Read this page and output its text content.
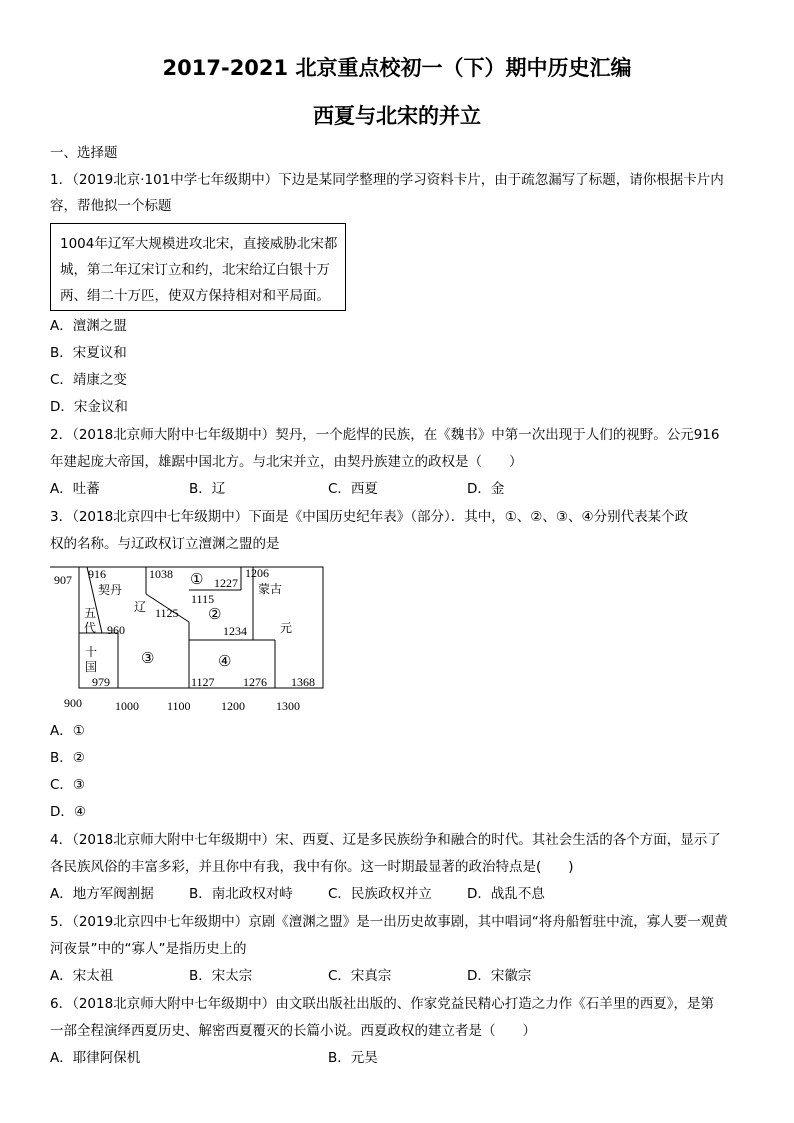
2017-2021 北京重点校初一（下）期中历史汇编
西夏与北宋的并立
一、选择题
1．（2019北京·101中学七年级期中）下边是某同学整理的学习资料卡片，由于疏忽漏写了标题，请你根据卡片内
容，帮他拟一个标题
1004年辽军大规模进攻北宋，直接威胁北宋都
城，第二年辽宋订立和约，北宋给辽白银十万
两、绢二十万匹，使双方保持相对和平局面。
A．澶渊之盟
B．宋夏议和
C．靖康之变
D．宋金议和
2．（2018北京师大附中七年级期中）契丹，一个彪悍的民族，在《魏书》中第一次出现于人们的视野。公元916
年建起庞大帝国，雄踞中国北方。与北宋并立，由契丹族建立的政权是（　　）
A．吐蕃	B．辽	C．西夏	D．金
3．（2018北京四中七年级期中）下面是《中国历史纪年表》（部分）．其中，①、②、③、④分别代表某个政
权的名称。与辽政权订立澶渊之盟的是
907 916
契丹
1038 ① 1227
1206
蒙古
辽
1115
1125 ②
五
代 960	1234	元
十
国	③	④
979	1127 1276 1368
900	1000 1100	1200	1300
A．①
B．②
C．③
D．④
4．（2018北京师大附中七年级期中）宋、西夏、辽是多民族纷争和融合的时代。其社会生活的各个方面，显示了
各民族风俗的丰富多彩，并且你中有我，我中有你。这一时期最显著的政治特点是(　　)
A．地方军阀割据	B．南北政权对峙	C．民族政权并立	D．战乱不息
5．（2019北京四中七年级期中）京剧《澶渊之盟》是一出历史故事剧，其中唱词“将舟船暂驻中流，寡人要一观黄
河夜景”中的“寡人”是指历史上的
A．宋太祖	B．宋太宗	C．宋真宗	D．宋徽宗
6．（2018北京师大附中七年级期中）由文联出版社出版的、作家党益民精心打造之力作《石羊里的西夏》，是第
一部全程演绎西夏历史、解密西夏覆灭的长篇小说。西夏政权的建立者是（　　）
A．耶律阿保机	B．元昊
